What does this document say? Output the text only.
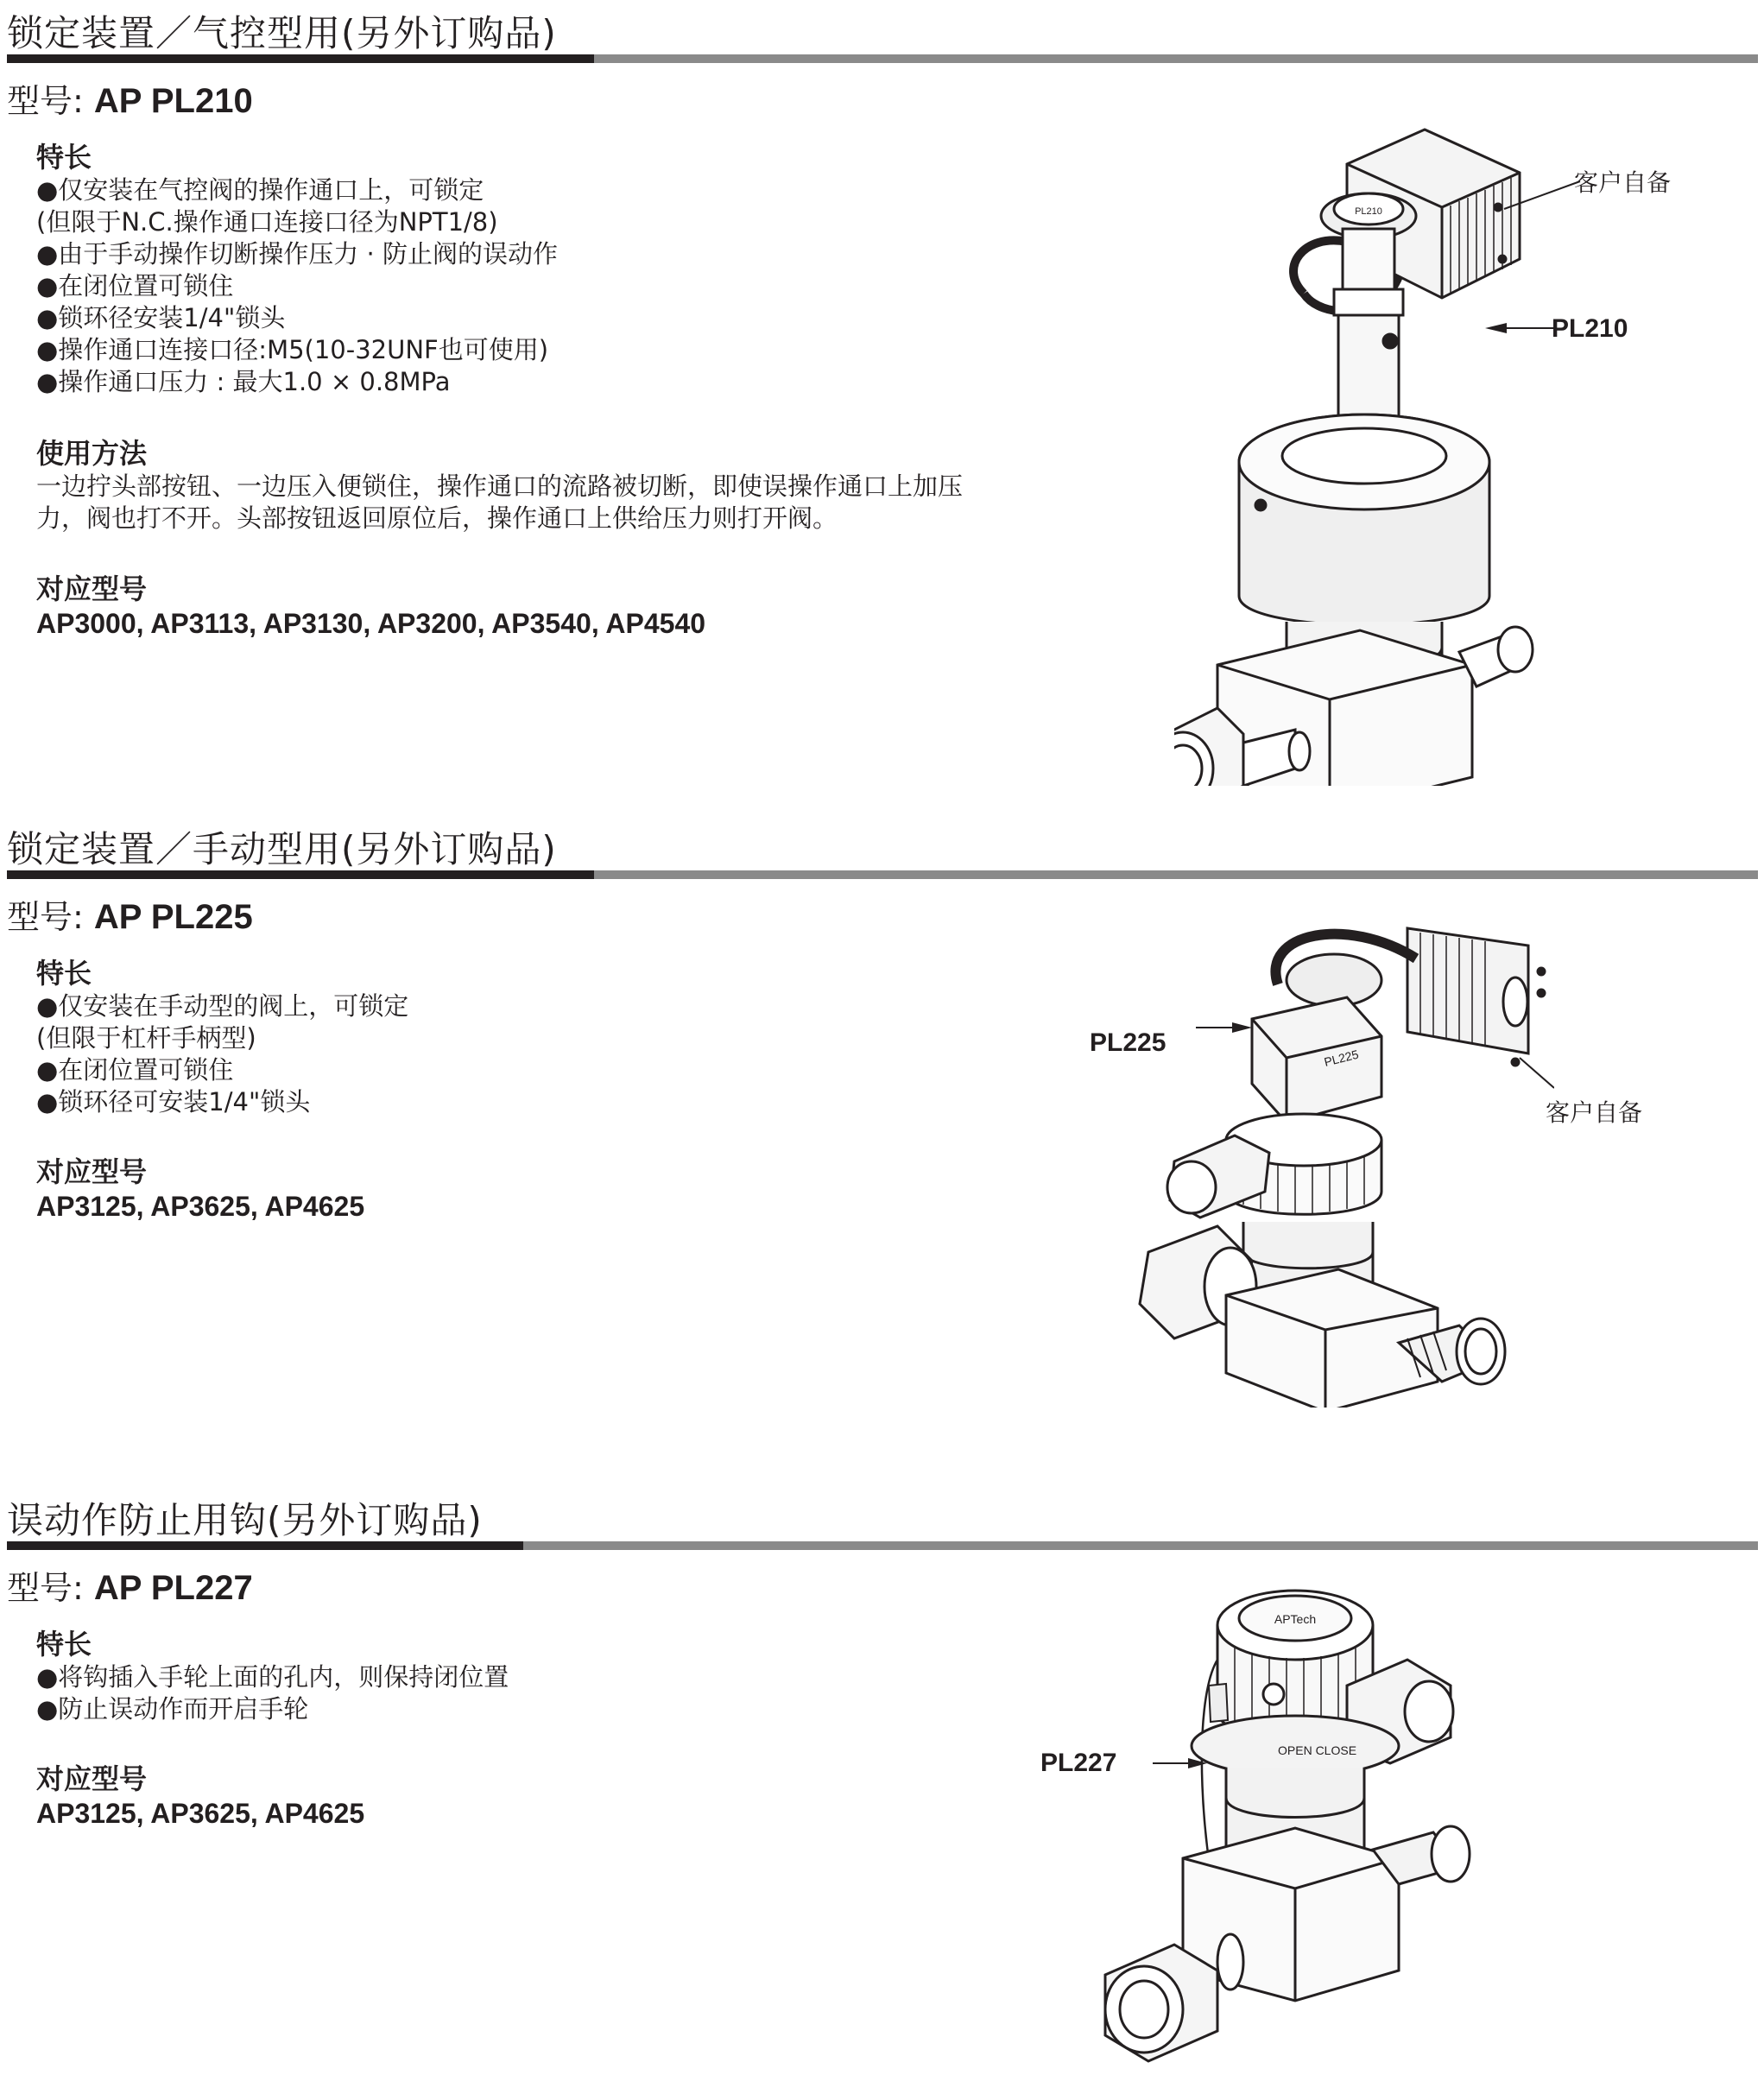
锁定装置／气控型用(另外订购品)
型号: AP PL210
特长
●仅安装在气控阀的操作通口上，可锁定
(但限于N.C.操作通口连接口径为NPT1/8)
●由于手动操作切断操作压力 · 防止阀的误动作
●在闭位置可锁住
●锁环径安装1/4"锁头
●操作通口连接口径:M5(10-32UNF也可使用)
●操作通口压力 : 最大1.0 × 0.8MPa
使用方法
一边拧头部按钮、一边压入便锁住，操作通口的流路被切断，即使误操作通口上加压
力，阀也打不开。头部按钮返回原位后，操作通口上供给压力则打开阀。
对应型号
AP3000, AP3113, AP3130, AP3200, AP3540, AP4540
PL210
客户自备
PL210
锁定装置／手动型用(另外订购品)
型号: AP PL225
特长
●仅安装在手动型的阀上，可锁定
(但限于杠杆手柄型)
●在闭位置可锁住
●锁环径可安装1/4"锁头
对应型号
AP3125, AP3625, AP4625
PL225
PL225
客户自备
误动作防止用钩(另外订购品)
型号: AP PL227
特长
●将钩插入手轮上面的孔内，则保持闭位置
●防止误动作而开启手轮
对应型号
AP3125, AP3625, AP4625
APTech
OPEN CLOSE
PL227
